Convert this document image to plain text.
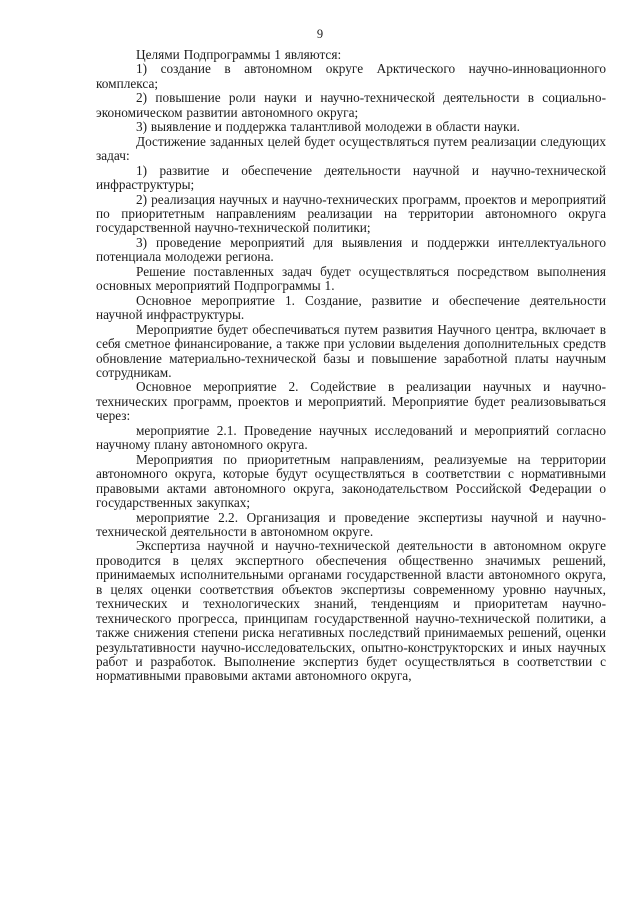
9

Целями Подпрограммы 1 являются:

1) создание в автономном округе Арктического научно-инновационного комплекса;

2) повышение роли науки и научно-технической деятельности в социально-экономическом развитии автономного округа;

3) выявление и поддержка талантливой молодежи в области науки.

Достижение заданных целей будет осуществляться путем реализации следующих задач:

1) развитие и обеспечение деятельности научной и научно-технической инфраструктуры;

2) реализация научных и научно-технических программ, проектов и мероприятий по приоритетным направлениям реализации на территории автономного округа государственной научно-технической политики;

3) проведение мероприятий для выявления и поддержки интеллектуального потенциала молодежи региона.

Решение поставленных задач будет осуществляться посредством выполнения основных мероприятий Подпрограммы 1.

Основное мероприятие 1. Создание, развитие и обеспечение деятельности научной инфраструктуры.

Мероприятие будет обеспечиваться путем развития Научного центра, включает в себя сметное финансирование, а также при условии выделения дополнительных средств обновление материально-технической базы и повышение заработной платы научным сотрудникам.

Основное мероприятие 2. Содействие в реализации научных и научно-технических программ, проектов и мероприятий. Мероприятие будет реализовываться через:

мероприятие 2.1. Проведение научных исследований и мероприятий согласно научному плану автономного округа.

Мероприятия по приоритетным направлениям, реализуемые на территории автономного округа, которые будут осуществляться в соответствии с нормативными правовыми актами автономного округа, законодательством Российской Федерации о государственных закупках;

мероприятие 2.2. Организация и проведение экспертизы научной и научно-технической деятельности в автономном округе.

Экспертиза научной и научно-технической деятельности в автономном округе проводится в целях экспертного обеспечения общественно значимых решений, принимаемых исполнительными органами государственной власти автономного округа, в целях оценки соответствия объектов экспертизы современному уровню научных, технических и технологических знаний, тенденциям и приоритетам научно-технического прогресса, принципам государственной научно-технической политики, а также снижения степени риска негативных последствий принимаемых решений, оценки результативности научно-исследовательских, опытно-конструкторских и иных научных работ и разработок. Выполнение экспертиз будет осуществляться в соответствии с нормативными правовыми актами автономного округа,
